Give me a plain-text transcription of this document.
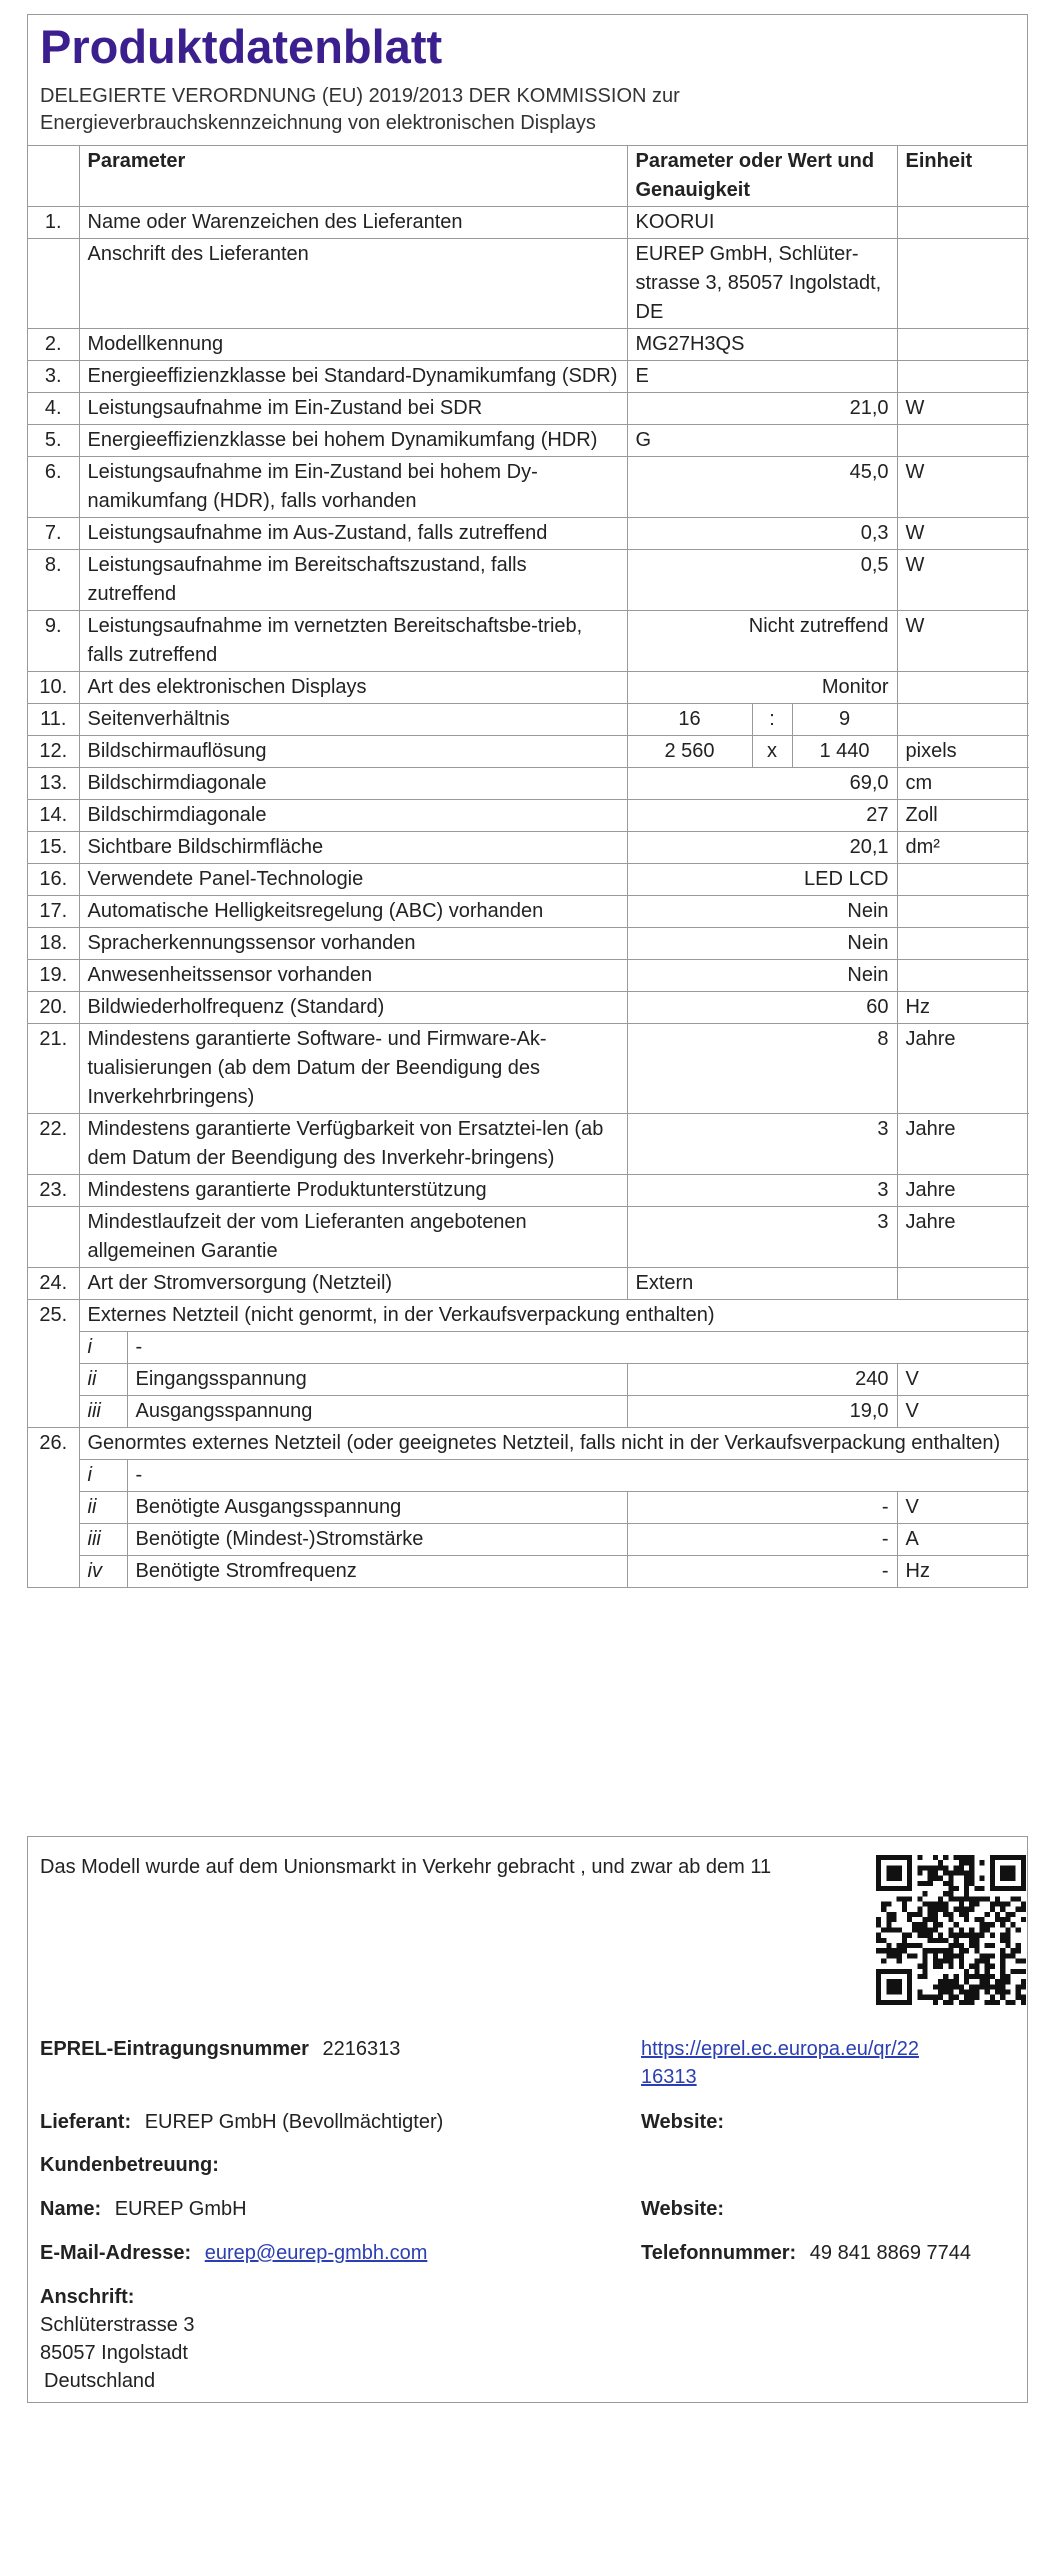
Produktdatenblatt
DELEGIERTE VERORDNUNG (EU) 2019/2013 DER KOMMISSION zur
Energieverbrauchskennzeichnung von elektronischen Displays
	Parameter		Parameter oder Wert und Genauigkeit			Einheit
1.	Name oder Warenzeichen des Lieferanten		KOORUI			
	Anschrift des Lieferanten		EUREP GmbH, Schlüter-strasse 3, 85057 Ingolstadt, DE			
2.	Modellkennung		MG27H3QS			
3.	Energieeffizienzklasse bei Standard-Dynamikumfang (SDR)		E			
4.	Leistungsaufnahme im Ein-Zustand bei SDR		21,0			W
5.	Energieeffizienzklasse bei hohem Dynamikumfang (HDR)		G			
6.	Leistungsaufnahme im Ein-Zustand bei hohem Dy-namikumfang (HDR), falls vorhanden		45,0			W
7.	Leistungsaufnahme im Aus-Zustand, falls zutreffend		0,3			W
8.	Leistungsaufnahme im Bereitschaftszustand, falls zutreffend		0,5			W
9.	Leistungsaufnahme im vernetzten Bereitschaftsbe-trieb, falls zutreffend		Nicht zutreffend			W
10.	Art des elektronischen Displays		Monitor			
11.	Seitenverhältnis		16	:	9	
12.	Bildschirmauflösung		2 560	x	1 440	pixels
13.	Bildschirmdiagonale		69,0			cm
14.	Bildschirmdiagonale		27			Zoll
15.	Sichtbare Bildschirmfläche		20,1			dm²
16.	Verwendete Panel-Technologie		LED LCD			
17.	Automatische Helligkeitsregelung (ABC) vorhanden		Nein			
18.	Spracherkennungssensor vorhanden		Nein			
19.	Anwesenheitssensor vorhanden		Nein			
20.	Bildwiederholfrequenz (Standard)		60			Hz
21.	Mindestens garantierte Software- und Firmware-Ak-tualisierungen (ab dem Datum der Beendigung des Inverkehrbringens)		8			Jahre
22.	Mindestens garantierte Verfügbarkeit von Ersatztei-len (ab dem Datum der Beendigung des Inverkehr-bringens)		3			Jahre
23.	Mindestens garantierte Produktunterstützung		3			Jahre
	Mindestlaufzeit der vom Lieferanten angebotenen allgemeinen Garantie		3			Jahre
24.	Art der Stromversorgung (Netzteil)		Extern			
25.	Externes Netzteil (nicht genormt, in der Verkaufsverpackung enthalten)					
	i	-				
	ii	Eingangsspannung	240			V
	iii	Ausgangsspannung	19,0			V
26.	Genormtes externes Netzteil (oder geeignetes Netzteil, falls nicht in der Verkaufsverpackung enthalten)					
	i	-				
	ii	Benötigte Ausgangsspannung	-			V
	iii	Benötigte (Mindest-)Stromstärke	-			A
	iv	Benötigte Stromfrequenz	-			Hz
Das Modell wurde auf dem Unionsmarkt in Verkehr gebracht , und zwar ab dem 11
EPREL-Eintragungsnummer 2216313	https://eprel.ec.europa.eu/qr/22
16313
Lieferant: EUREP GmbH (Bevollmächtigter)	Website:
Kundenbetreuung:
Name: EUREP GmbH	Website:
E-Mail-Adresse: eurep@eurep-gmbh.com	Telefonnummer: 49 841 8869 7744
Anschrift:
Schlüterstrasse 3
85057 Ingolstadt
Deutschland
